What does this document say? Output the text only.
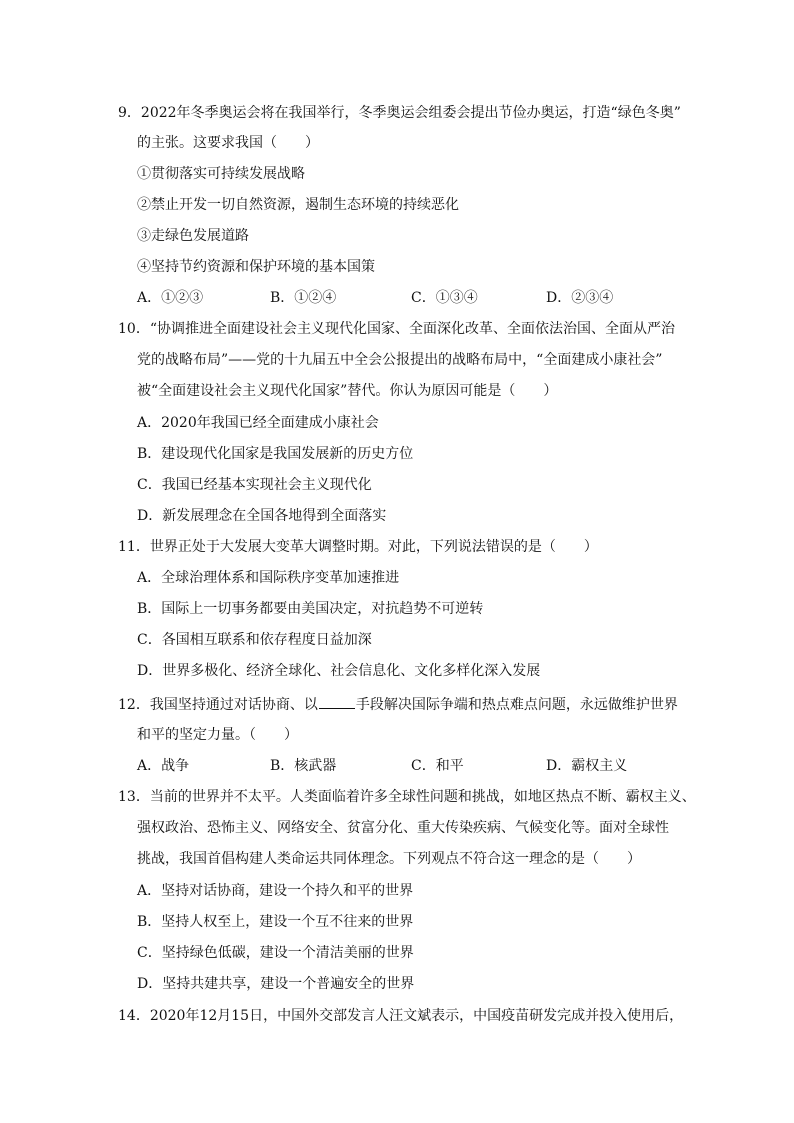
9．2022年冬季奥运会将在我国举行，冬季奥运会组委会提出节俭办奥运，打造“绿色冬奥”
的主张。这要求我国（　　）
①贯彻落实可持续发展战略
②禁止开发一切自然资源，遏制生态环境的持续恶化
③走绿色发展道路
④坚持节约资源和保护环境的基本国策
A．①②③	B．①②④	C．①③④	D．②③④
10．“协调推进全面建设社会主义现代化国家、全面深化改革、全面依法治国、全面从严治
党的战略布局”——党的十九届五中全会公报提出的战略布局中，“全面建成小康社会”
被“全面建设社会主义现代化国家”替代。你认为原因可能是（　　）
A．2020年我国已经全面建成小康社会
B．建设现代化国家是我国发展新的历史方位
C．我国已经基本实现社会主义现代化
D．新发展理念在全国各地得到全面落实
11．世界正处于大发展大变革大调整时期。对此，下列说法错误的是（　　）
A．全球治理体系和国际秩序变革加速推进
B．国际上一切事务都要由美国决定，对抗趋势不可逆转
C．各国相互联系和依存程度日益加深
D．世界多极化、经济全球化、社会信息化、文化多样化深入发展
12．我国坚持通过对话协商、以	手段解决国际争端和热点难点问题，永远做维护世界
和平的坚定力量。（　　）
A．战争	B．核武器	C．和平	D．霸权主义
13．当前的世界并不太平。人类面临着许多全球性问题和挑战，如地区热点不断、霸权主义、
强权政治、恐怖主义、网络安全、贫富分化、重大传染疾病、气候变化等。面对全球性
挑战，我国首倡构建人类命运共同体理念。下列观点不符合这一理念的是（　　）
A．坚持对话协商，建设一个持久和平的世界
B．坚持人权至上，建设一个互不往来的世界
C．坚持绿色低碳，建设一个清洁美丽的世界
D．坚持共建共享，建设一个普遍安全的世界
14．2020年12月15日，中国外交部发言人汪文斌表示，中国疫苗研发完成并投入使用后，
